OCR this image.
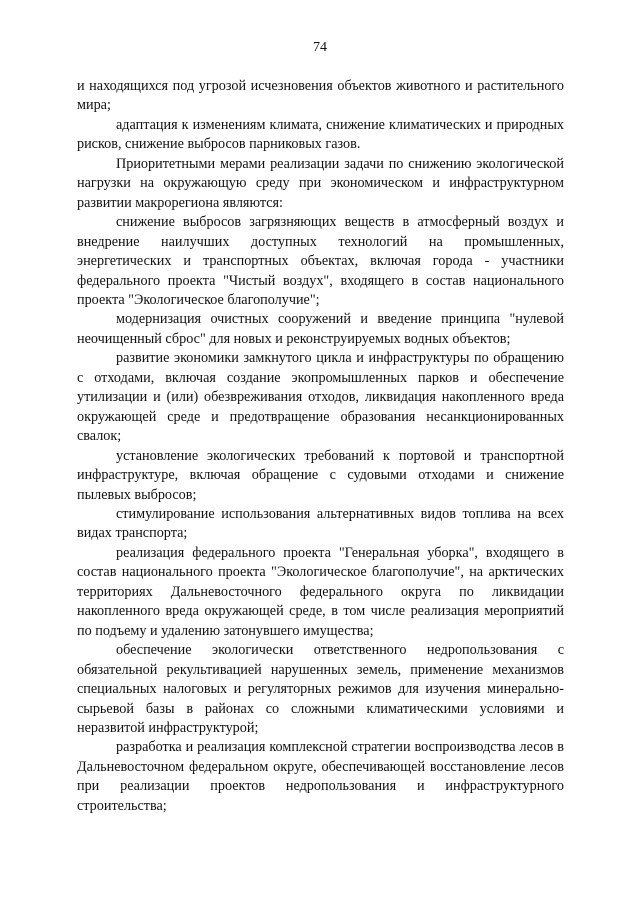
74

и находящихся под угрозой исчезновения объектов животного и растительного мира;

адаптация к изменениям климата, снижение климатических и природных рисков, снижение выбросов парниковых газов.

Приоритетными мерами реализации задачи по снижению экологической нагрузки на окружающую среду при экономическом и инфраструктурном развитии макрорегиона являются:

снижение выбросов загрязняющих веществ в атмосферный воздух и внедрение наилучших доступных технологий на промышленных, энергетических и транспортных объектах, включая города - участники федерального проекта "Чистый воздух", входящего в состав национального проекта "Экологическое благополучие";

модернизация очистных сооружений и введение принципа "нулевой неочищенный сброс" для новых и реконструируемых водных объектов;

развитие экономики замкнутого цикла и инфраструктуры по обращению с отходами, включая создание экопромышленных парков и обеспечение утилизации и (или) обезвреживания отходов, ликвидация накопленного вреда окружающей среде и предотвращение образования несанкционированных свалок;

установление экологических требований к портовой и транспортной инфраструктуре, включая обращение с судовыми отходами и снижение пылевых выбросов;

стимулирование использования альтернативных видов топлива на всех видах транспорта;

реализация федерального проекта "Генеральная уборка", входящего в состав национального проекта "Экологическое благополучие", на арктических территориях Дальневосточного федерального округа по ликвидации накопленного вреда окружающей среде, в том числе реализация мероприятий по подъему и удалению затонувшего имущества;

обеспечение экологически ответственного недропользования с обязательной рекультивацией нарушенных земель, применение механизмов специальных налоговых и регуляторных режимов для изучения минерально-сырьевой базы в районах со сложными климатическими условиями и неразвитой инфраструктурой;

разработка и реализация комплексной стратегии воспроизводства лесов в Дальневосточном федеральном округе, обеспечивающей восстановление лесов при реализации проектов недропользования и инфраструктурного строительства;
